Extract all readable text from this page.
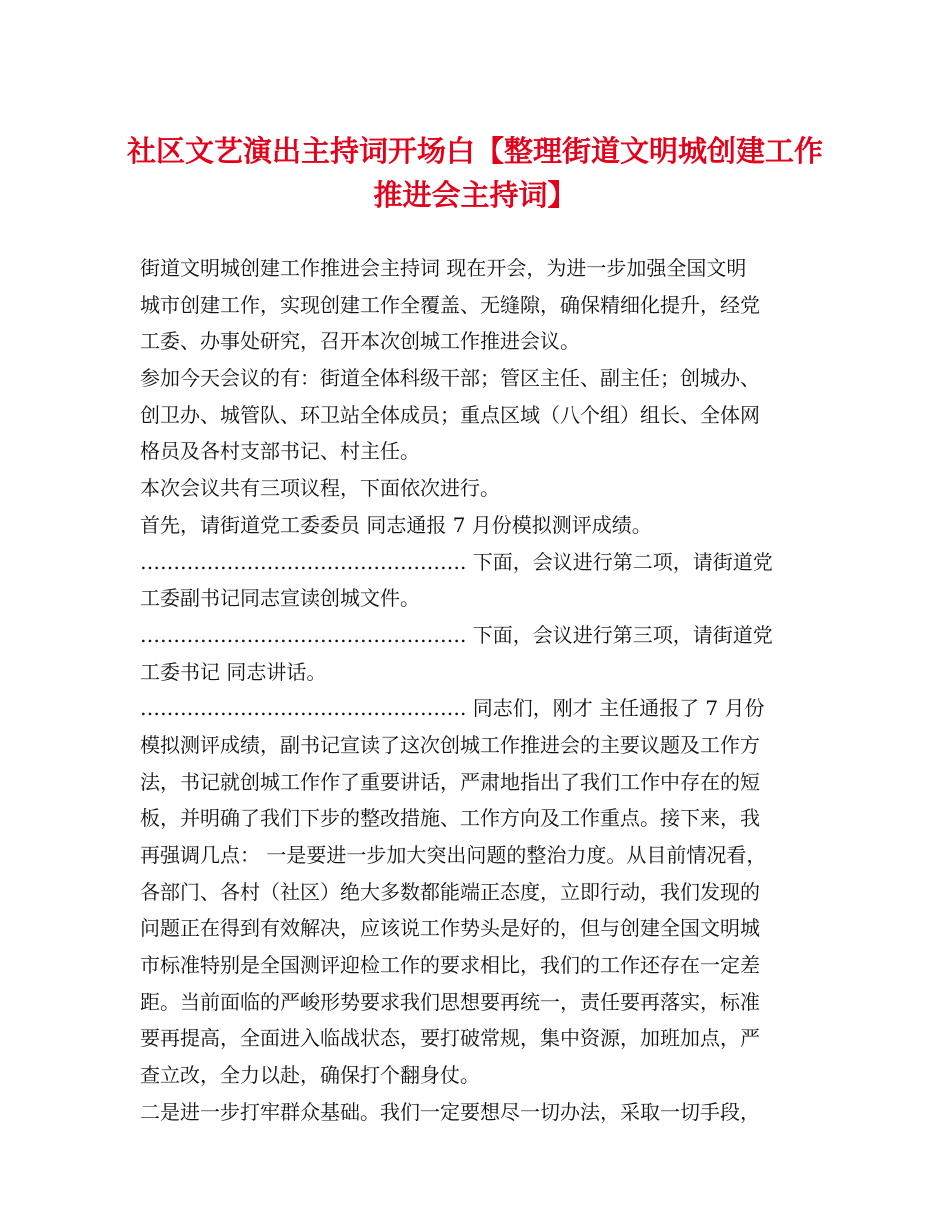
社区文艺演出主持词开场白【整理街道文明城创建工作
推进会主持词】
街道文明城创建工作推进会主持词 现在开会，为进一步加强全国文明
城市创建工作，实现创建工作全覆盖、无缝隙，确保精细化提升，经党
工委、办事处研究，召开本次创城工作推进会议。
参加今天会议的有：街道全体科级干部；管区主任、副主任；创城办、
创卫办、城管队、环卫站全体成员；重点区域（八个组）组长、全体网
格员及各村支部书记、村主任。
本次会议共有三项议程，下面依次进行。
首先，请街道党工委委员 同志通报 7 月份模拟测评成绩。
…………………………………………. 下面，会议进行第二项，请街道党
工委副书记同志宣读创城文件。
…………………………………………. 下面，会议进行第三项，请街道党
工委书记 同志讲话。
…………………………………………. 同志们，刚才 主任通报了 7 月份
模拟测评成绩，副书记宣读了这次创城工作推进会的主要议题及工作方
法，书记就创城工作作了重要讲话，严肃地指出了我们工作中存在的短
板，并明确了我们下步的整改措施、工作方向及工作重点。接下来，我
再强调几点： 一是要进一步加大突出问题的整治力度。从目前情况看，
各部门、各村（社区）绝大多数都能端正态度，立即行动，我们发现的
问题正在得到有效解决，应该说工作势头是好的，但与创建全国文明城
市标准特别是全国测评迎检工作的要求相比，我们的工作还存在一定差
距。当前面临的严峻形势要求我们思想要再统一，责任要再落实，标准
要再提高，全面进入临战状态，要打破常规，集中资源，加班加点，严
查立改，全力以赴，确保打个翻身仗。
二是进一步打牢群众基础。我们一定要想尽一切办法，采取一切手段，
